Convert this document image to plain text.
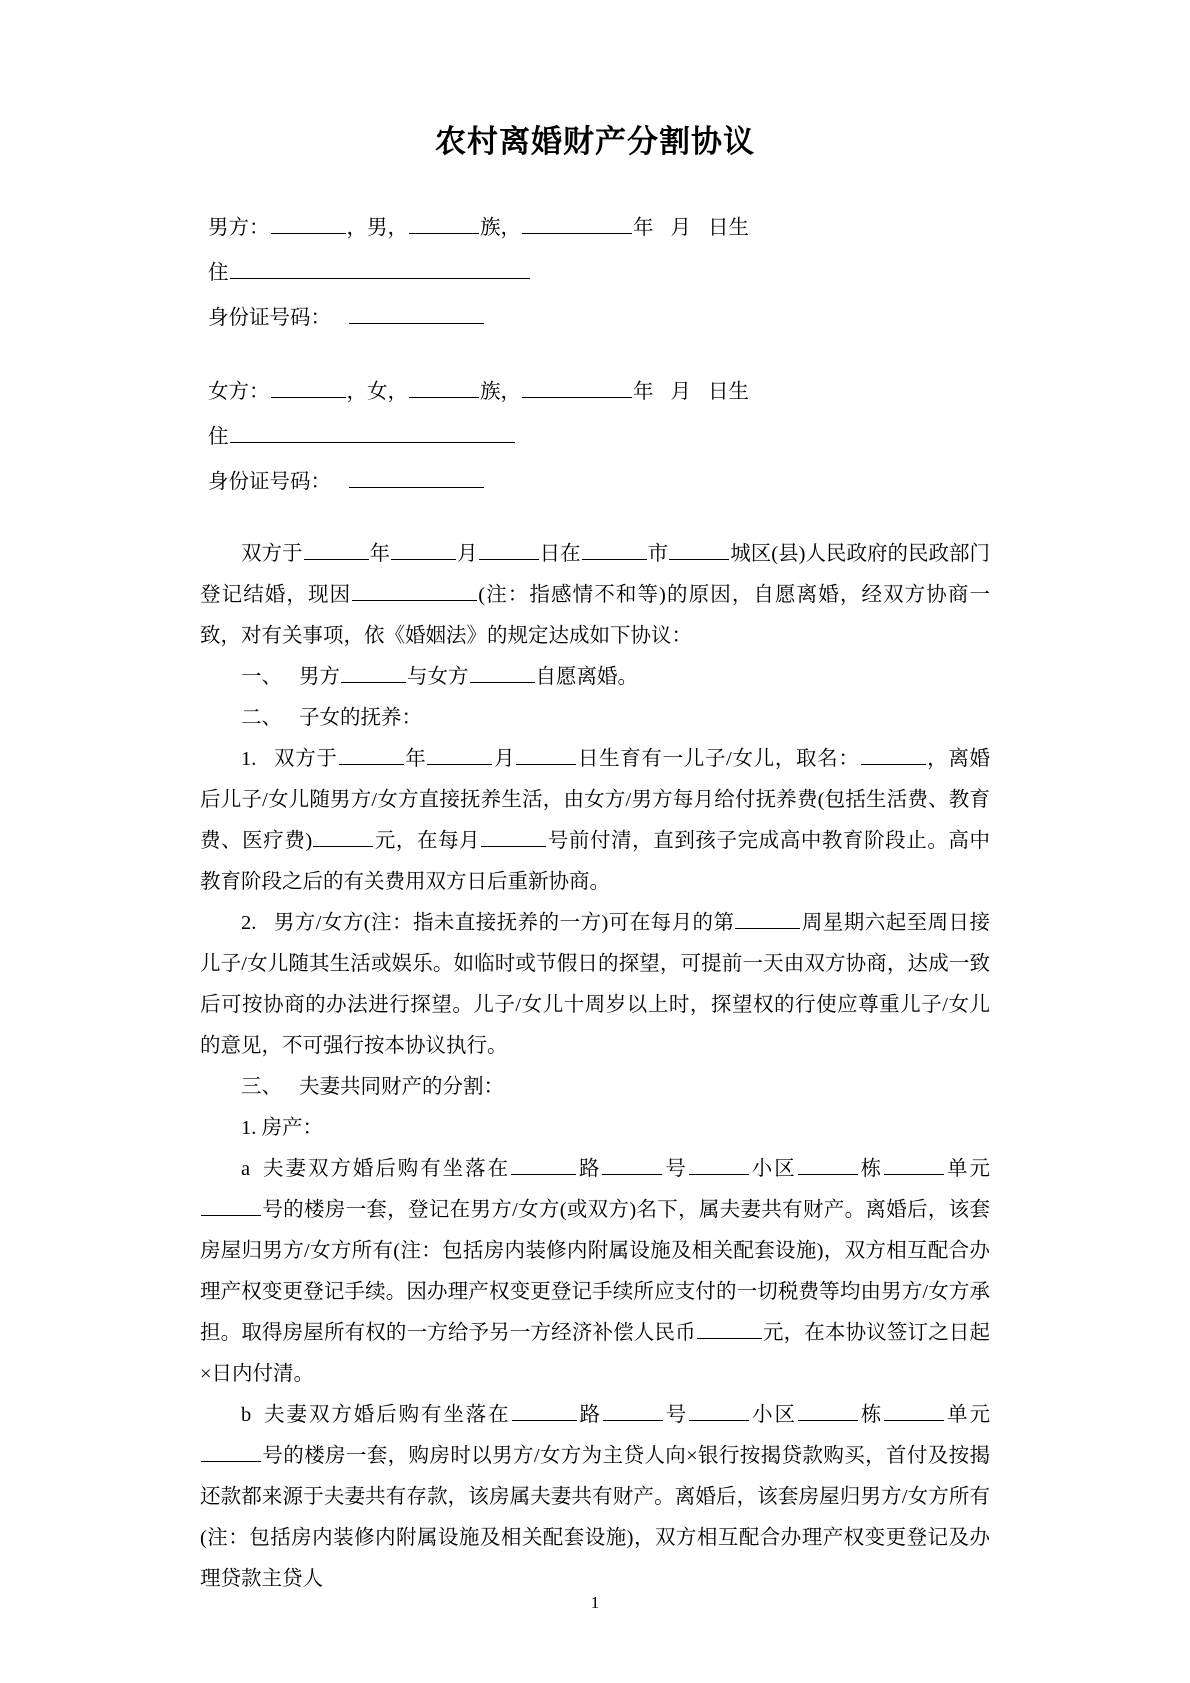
农村离婚财产分割协议
男方：	，男，	族，	年 月 日生
住
身份证号码：
女方：	，女，	族，	年 月 日生
住
身份证号码：

双方于	年	月	日在	市	城区(县)人民政府的民政部门登记结婚，现因	(注：指感情不和等)的原因，自愿离婚，经双方协商一致，对有关事项，依《婚姻法》的规定达成如下协议：

一、 男方	与女方	自愿离婚。

二、 子女的抚养：

1. 双方于	年	月	日生育有一儿子/女儿，取名：	，离婚后儿子/女儿随男方/女方直接抚养生活，由女方/男方每月给付抚养费(包括生活费、教育费、医疗费)	元，在每月	号前付清，直到孩子完成高中教育阶段止。高中教育阶段之后的有关费用双方日后重新协商。

2. 男方/女方(注：指未直接抚养的一方)可在每月的第	周星期六起至周日接儿子/女儿随其生活或娱乐。如临时或节假日的探望，可提前一天由双方协商，达成一致后可按协商的办法进行探望。儿子/女儿十周岁以上时，探望权的行使应尊重儿子/女儿的意见，不可强行按本协议执行。

三、 夫妻共同财产的分割：

1. 房产：

a 夫妻双方婚后购有坐落在	路	号	小区	栋	单元号的楼房一套，登记在男方/女方(或双方)名下，属夫妻共有财产。离婚后，该套房屋归男方/女方所有(注：包括房内装修内附属设施及相关配套设施)，双方相互配合办理产权变更登记手续。因办理产权变更登记手续所应支付的一切税费等均由男方/女方承担。取得房屋所有权的一方给予另一方经济补偿人民币	元，在本协议签订之日起×日内付清。

b 夫妻双方婚后购有坐落在	路	号	小区	栋	单元号的楼房一套，购房时以男方/女方为主贷人向×银行按揭贷款购买，首付及按揭还款都来源于夫妻共有存款，该房属夫妻共有财产。离婚后，该套房屋归男方/女方所有(注：包括房内装修内附属设施及相关配套设施)，双方相互配合办理产权变更登记及办理贷款主贷人

1
